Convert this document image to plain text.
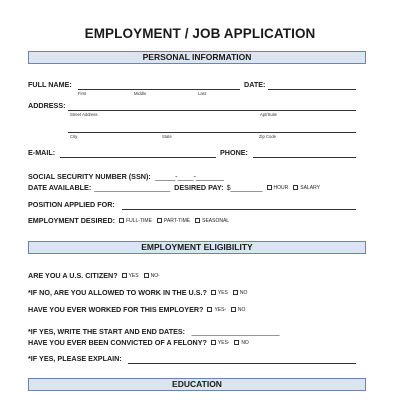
EMPLOYMENT / JOB APPLICATION
PERSONAL INFORMATION
FULL NAME:
First	Middle	Last
DATE:
ADDRESS:
Street Address	Apt/Suite
City	State	Zip Code
E-MAIL:	PHONE:
SOCIAL SECURITY NUMBER (SSN): _____-____-_______
DATE AVAILABLE: ___________________ DESIRED PAY: $________ HOUR SALARY
POSITION APPLIED FOR:
EMPLOYMENT DESIRED: FULL-TIME PART-TIME SEASONAL
EMPLOYMENT ELIGIBILITY
ARE YOU A U.S. CITIZEN? YES NO *
*IF NO, ARE YOU ALLOWED TO WORK IN THE U.S.? YES NO
HAVE YOU EVER WORKED FOR THIS EMPLOYER? YES * NO
*IF YES, WRITE THE START AND END DATES: ______________________
HAVE YOU EVER BEEN CONVICTED OF A FELONY? YES * NO
*IF YES, PLEASE EXPLAIN:
EDUCATION
